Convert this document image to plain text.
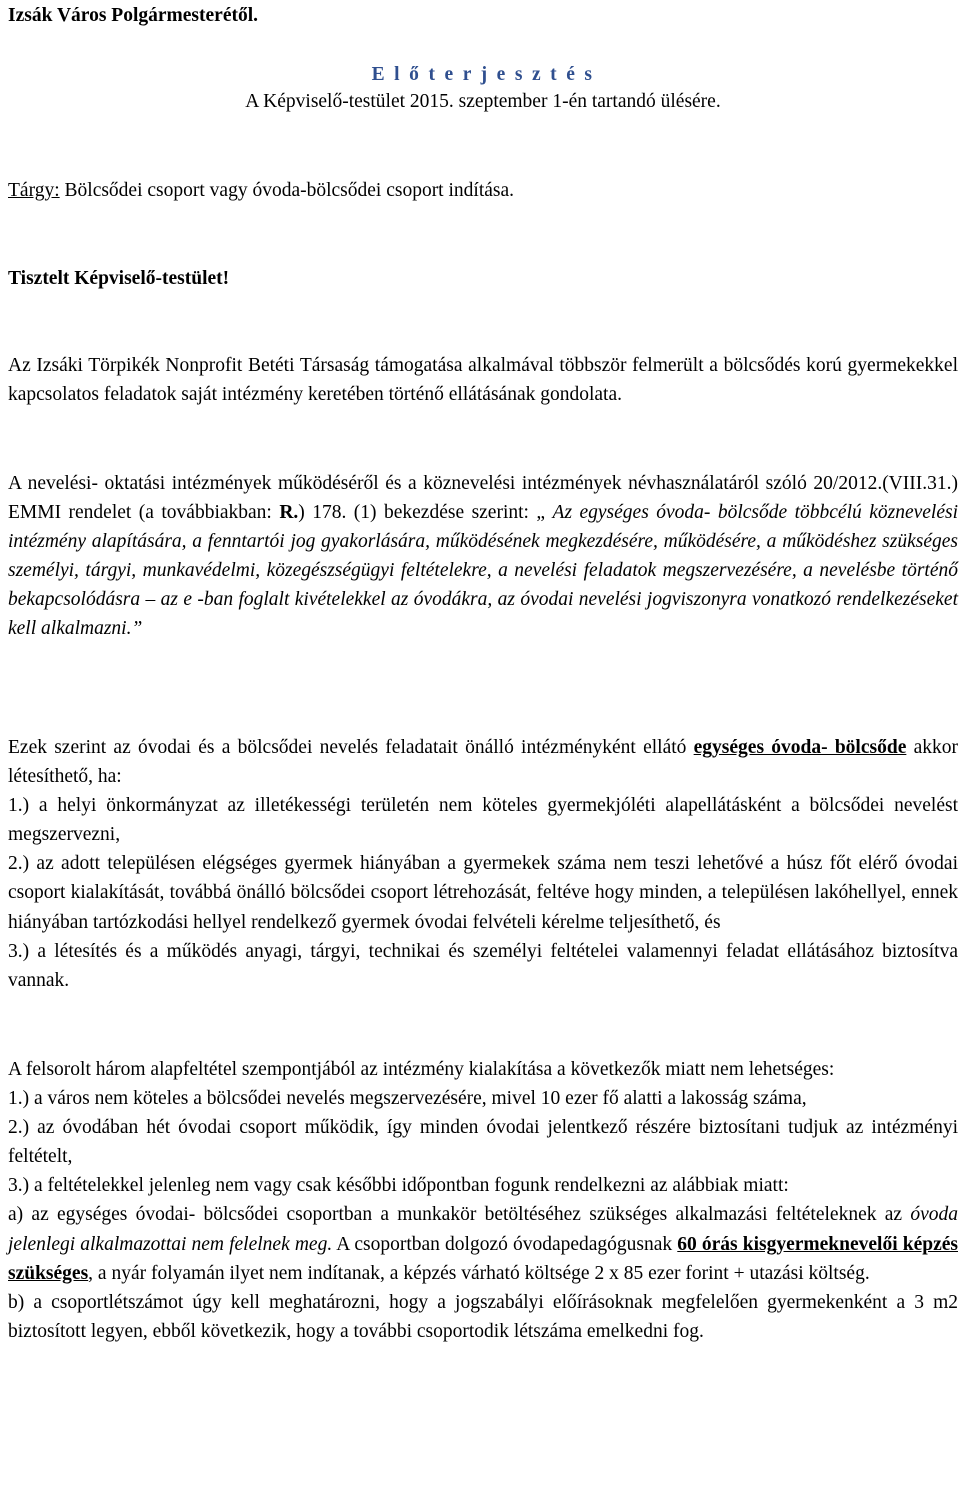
Izsák Város Polgármesterétől.
E l ő t e r j e s z t é s
A Képviselő-testület 2015. szeptember 1-én tartandó ülésére.
Tárgy: Bölcsődei csoport vagy óvoda-bölcsődei csoport indítása.
Tisztelt Képviselő-testület!

Az Izsáki Törpikék Nonprofit Betéti Társaság támogatása alkalmával többször felmerült a bölcsődés korú gyermekekkel kapcsolatos feladatok saját intézmény keretében történő ellátásának gondolata.

A nevelési- oktatási intézmények működéséről és a köznevelési intézmények névhasználatáról szóló 20/2012.(VIII.31.) EMMI rendelet (a továbbiakban: R.) 178. (1) bekezdése szerint: „ Az egységes óvoda- bölcsőde többcélú köznevelési intézmény alapítására, a fenntartói jog gyakorlására, működésének megkezdésére, működésére, a működéshez szükséges személyi, tárgyi, munkavédelmi, közegészségügyi feltételekre, a nevelési feladatok megszervezésére, a nevelésbe történő bekapcsolódásra – az e -ban foglalt kivételekkel az óvodákra, az óvodai nevelési jogviszonyra vonatkozó rendelkezéseket kell alkalmazni.”

Ezek szerint az óvodai és a bölcsődei nevelés feladatait önálló intézményként ellátó egységes óvoda- bölcsőde akkor létesíthető, ha:

1.) a helyi önkormányzat az illetékességi területén nem köteles gyermekjóléti alapellátásként a bölcsődei nevelést megszervezni,

2.) az adott településen elégséges gyermek hiányában a gyermekek száma nem teszi lehetővé a húsz főt elérő óvodai csoport kialakítását, továbbá önálló bölcsődei csoport létrehozását, feltéve hogy minden, a településen lakóhellyel, ennek hiányában tartózkodási hellyel rendelkező gyermek óvodai felvételi kérelme teljesíthető, és

3.) a létesítés és a működés anyagi, tárgyi, technikai és személyi feltételei valamennyi feladat ellátásához biztosítva vannak.

A felsorolt három alapfeltétel szempontjából az intézmény kialakítása a következők miatt nem lehetséges:

1.) a város nem köteles a bölcsődei nevelés megszervezésére, mivel 10 ezer fő alatti a lakosság száma,

2.) az óvodában hét óvodai csoport működik, így minden óvodai jelentkező részére biztosítani tudjuk az intézményi feltételt,

3.) a feltételekkel jelenleg nem vagy csak későbbi időpontban fogunk rendelkezni az alábbiak miatt:

a) az egységes óvodai- bölcsődei csoportban a munkakör betöltéséhez szükséges alkalmazási feltételeknek az óvoda jelenlegi alkalmazottai nem felelnek meg. A csoportban dolgozó óvodapedagógusnak 60 órás kisgyermeknevelői képzés szükséges, a nyár folyamán ilyet nem indítanak, a képzés várható költsége 2 x 85 ezer forint + utazási költség.

b) a csoportlétszámot úgy kell meghatározni, hogy a jogszabályi előírásoknak megfelelően gyermekenként a 3 m2 biztosított legyen, ebből következik, hogy a további csoportodik létszáma emelkedni fog.
